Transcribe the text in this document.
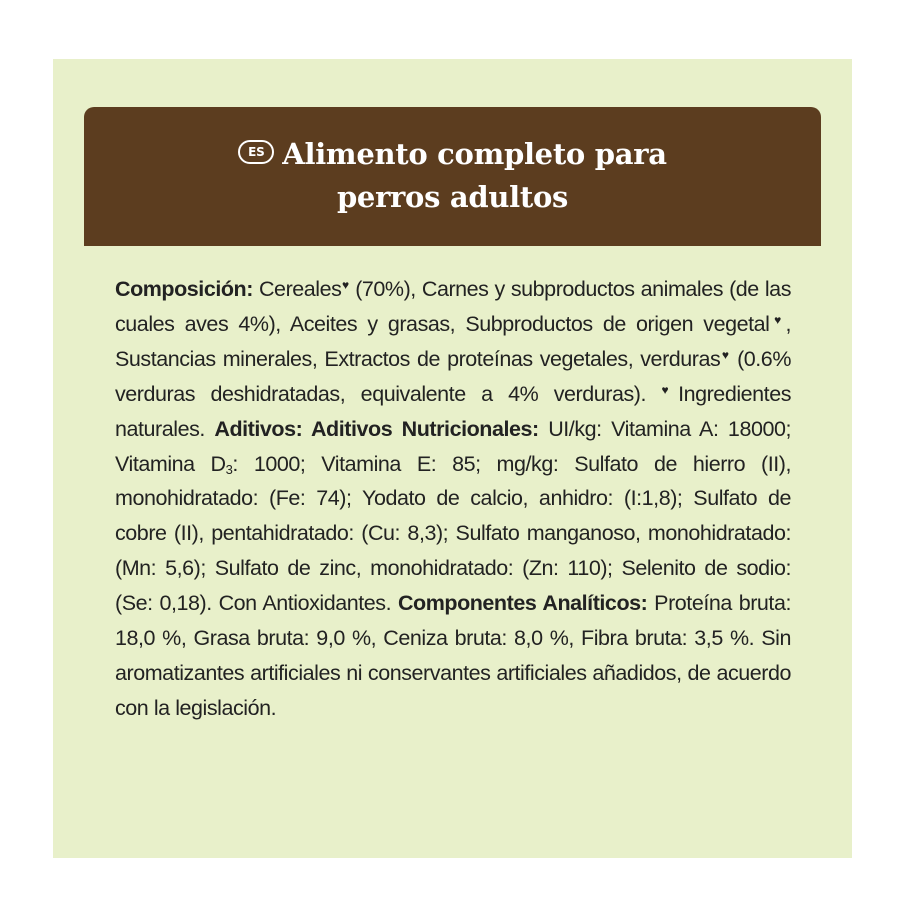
ES Alimento completo para
perros adultos
Composición: Cereales♥ (70%), Carnes y subproductos animales (de las cuales aves 4%), Aceites y grasas, Subproductos de origen vegetal♥, Sustancias minerales, Extractos de proteínas vegetales, verduras♥ (0.6% verduras deshidratadas, equivalente a 4% verduras). ♥Ingredientes naturales. Aditivos: Aditivos Nutricionales: UI/kg: Vitamina A: 18000; Vitamina $D_3$: 1000; Vitamina E: 85; mg/kg: Sulfato de hierro (II), monohidratado: (Fe: 74); Yodato de calcio, anhidro: (I:1,8); Sulfato de cobre (II), pentahidratado: (Cu: 8,3); Sulfato manganoso, monohidratado: (Mn: 5,6); Sulfato de zinc, monohidratado: (Zn: 110); Selenito de sodio: (Se: 0,18). Con Antioxidantes. Componentes Analíticos: Proteína bruta: 18,0 %, Grasa bruta: 9,0 %, Ceniza bruta: 8,0 %, Fibra bruta: 3,5 %. Sin aromatizantes artificiales ni conservantes artificiales añadidos, de acuerdo con la legislación.
